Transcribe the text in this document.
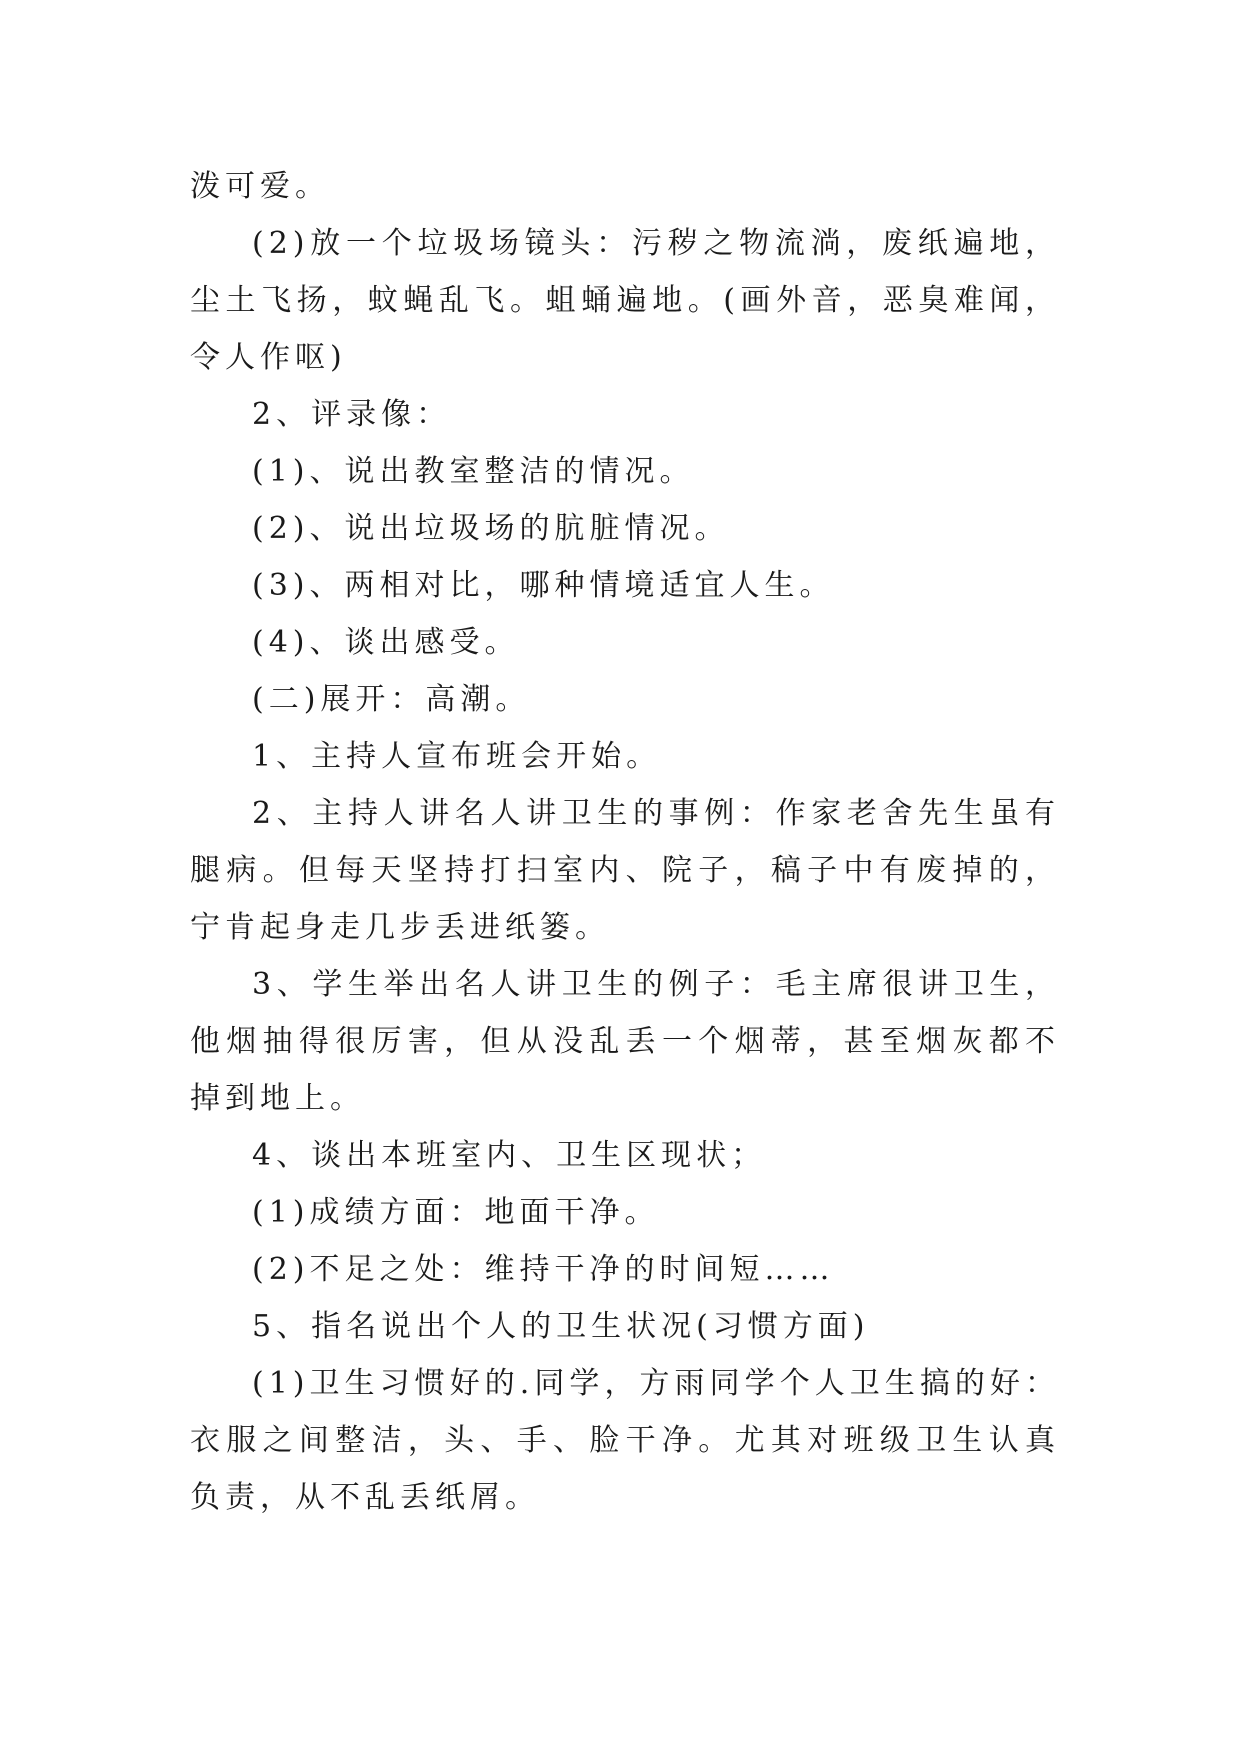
泼可爱。

(2)放一个垃圾场镜头：污秽之物流淌，废纸遍地，尘土飞扬，蚊蝇乱飞。蛆蛹遍地。(画外音，恶臭难闻，令人作呕)

2、评录像：

(1)、说出教室整洁的情况。

(2)、说出垃圾场的肮脏情况。

(3)、两相对比，哪种情境适宜人生。

(4)、谈出感受。

(二)展开：高潮。

1、主持人宣布班会开始。

2、主持人讲名人讲卫生的事例：作家老舍先生虽有腿病。但每天坚持打扫室内、院子，稿子中有废掉的，宁肯起身走几步丢进纸篓。

3、学生举出名人讲卫生的例子：毛主席很讲卫生，他烟抽得很厉害，但从没乱丢一个烟蒂，甚至烟灰都不掉到地上。

4、谈出本班室内、卫生区现状；

(1)成绩方面：地面干净。

(2)不足之处：维持干净的时间短……

5、指名说出个人的卫生状况(习惯方面)

(1)卫生习惯好的.同学，方雨同学个人卫生搞的好：衣服之间整洁，头、手、脸干净。尤其对班级卫生认真负责，从不乱丢纸屑。
